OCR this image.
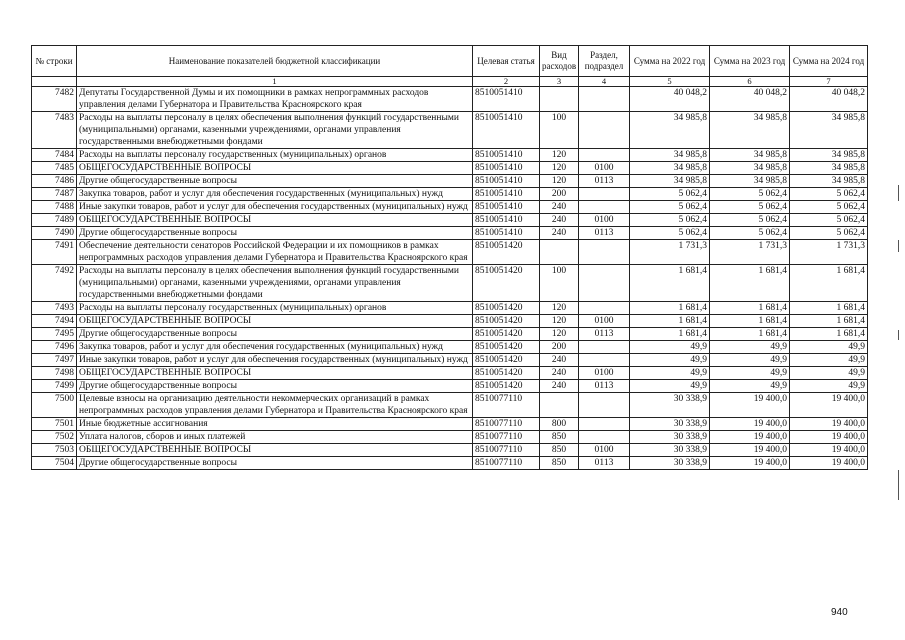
№ строки	Наименование показателей бюджетной классификации	Целевая статья	Вид расходов	Раздел, подраздел	Сумма на 2022 год	Сумма на 2023 год	Сумма на 2024 год
	1	2	3	4	5	6	7
7482	Депутаты Государственной Думы и их помощники в рамках непрограммных расходов управления делами Губернатора и Правительства Красноярского края	8510051410			40 048,2	40 048,2	40 048,2
7483	Расходы на выплаты персоналу в целях обеспечения выполнения функций государственными (муниципальными) органами, казенными учреждениями, органами управления государственными внебюджетными фондами	8510051410	100		34 985,8	34 985,8	34 985,8
7484	Расходы на выплаты персоналу государственных (муниципальных) органов	8510051410	120		34 985,8	34 985,8	34 985,8
7485	ОБЩЕГОСУДАРСТВЕННЫЕ ВОПРОСЫ	8510051410	120	0100	34 985,8	34 985,8	34 985,8
7486	Другие общегосударственные вопросы	8510051410	120	0113	34 985,8	34 985,8	34 985,8
7487	Закупка товаров, работ и услуг для обеспечения государственных (муниципальных) нужд	8510051410	200		5 062,4	5 062,4	5 062,4
7488	Иные закупки товаров, работ и услуг для обеспечения государственных (муниципальных) нужд	8510051410	240		5 062,4	5 062,4	5 062,4
7489	ОБЩЕГОСУДАРСТВЕННЫЕ ВОПРОСЫ	8510051410	240	0100	5 062,4	5 062,4	5 062,4
7490	Другие общегосударственные вопросы	8510051410	240	0113	5 062,4	5 062,4	5 062,4
7491	Обеспечение деятельности сенаторов Российской Федерации и их помощников в рамках непрограммных расходов управления делами Губернатора и Правительства Красноярского края	8510051420			1 731,3	1 731,3	1 731,3
7492	Расходы на выплаты персоналу в целях обеспечения выполнения функций государственными (муниципальными) органами, казенными учреждениями, органами управления государственными внебюджетными фондами	8510051420	100		1 681,4	1 681,4	1 681,4
7493	Расходы на выплаты персоналу государственных (муниципальных) органов	8510051420	120		1 681,4	1 681,4	1 681,4
7494	ОБЩЕГОСУДАРСТВЕННЫЕ ВОПРОСЫ	8510051420	120	0100	1 681,4	1 681,4	1 681,4
7495	Другие общегосударственные вопросы	8510051420	120	0113	1 681,4	1 681,4	1 681,4
7496	Закупка товаров, работ и услуг для обеспечения государственных (муниципальных) нужд	8510051420	200		49,9	49,9	49,9
7497	Иные закупки товаров, работ и услуг для обеспечения государственных (муниципальных) нужд	8510051420	240		49,9	49,9	49,9
7498	ОБЩЕГОСУДАРСТВЕННЫЕ ВОПРОСЫ	8510051420	240	0100	49,9	49,9	49,9
7499	Другие общегосударственные вопросы	8510051420	240	0113	49,9	49,9	49,9
7500	Целевые взносы на организацию деятельности некоммерческих организаций в рамках непрограммных расходов управления делами Губернатора и Правительства Красноярского края	8510077110			30 338,9	19 400,0	19 400,0
7501	Иные бюджетные ассигнования	8510077110	800		30 338,9	19 400,0	19 400,0
7502	Уплата налогов, сборов и иных платежей	8510077110	850		30 338,9	19 400,0	19 400,0
7503	ОБЩЕГОСУДАРСТВЕННЫЕ ВОПРОСЫ	8510077110	850	0100	30 338,9	19 400,0	19 400,0
7504	Другие общегосударственные вопросы	8510077110	850	0113	30 338,9	19 400,0	19 400,0
940
